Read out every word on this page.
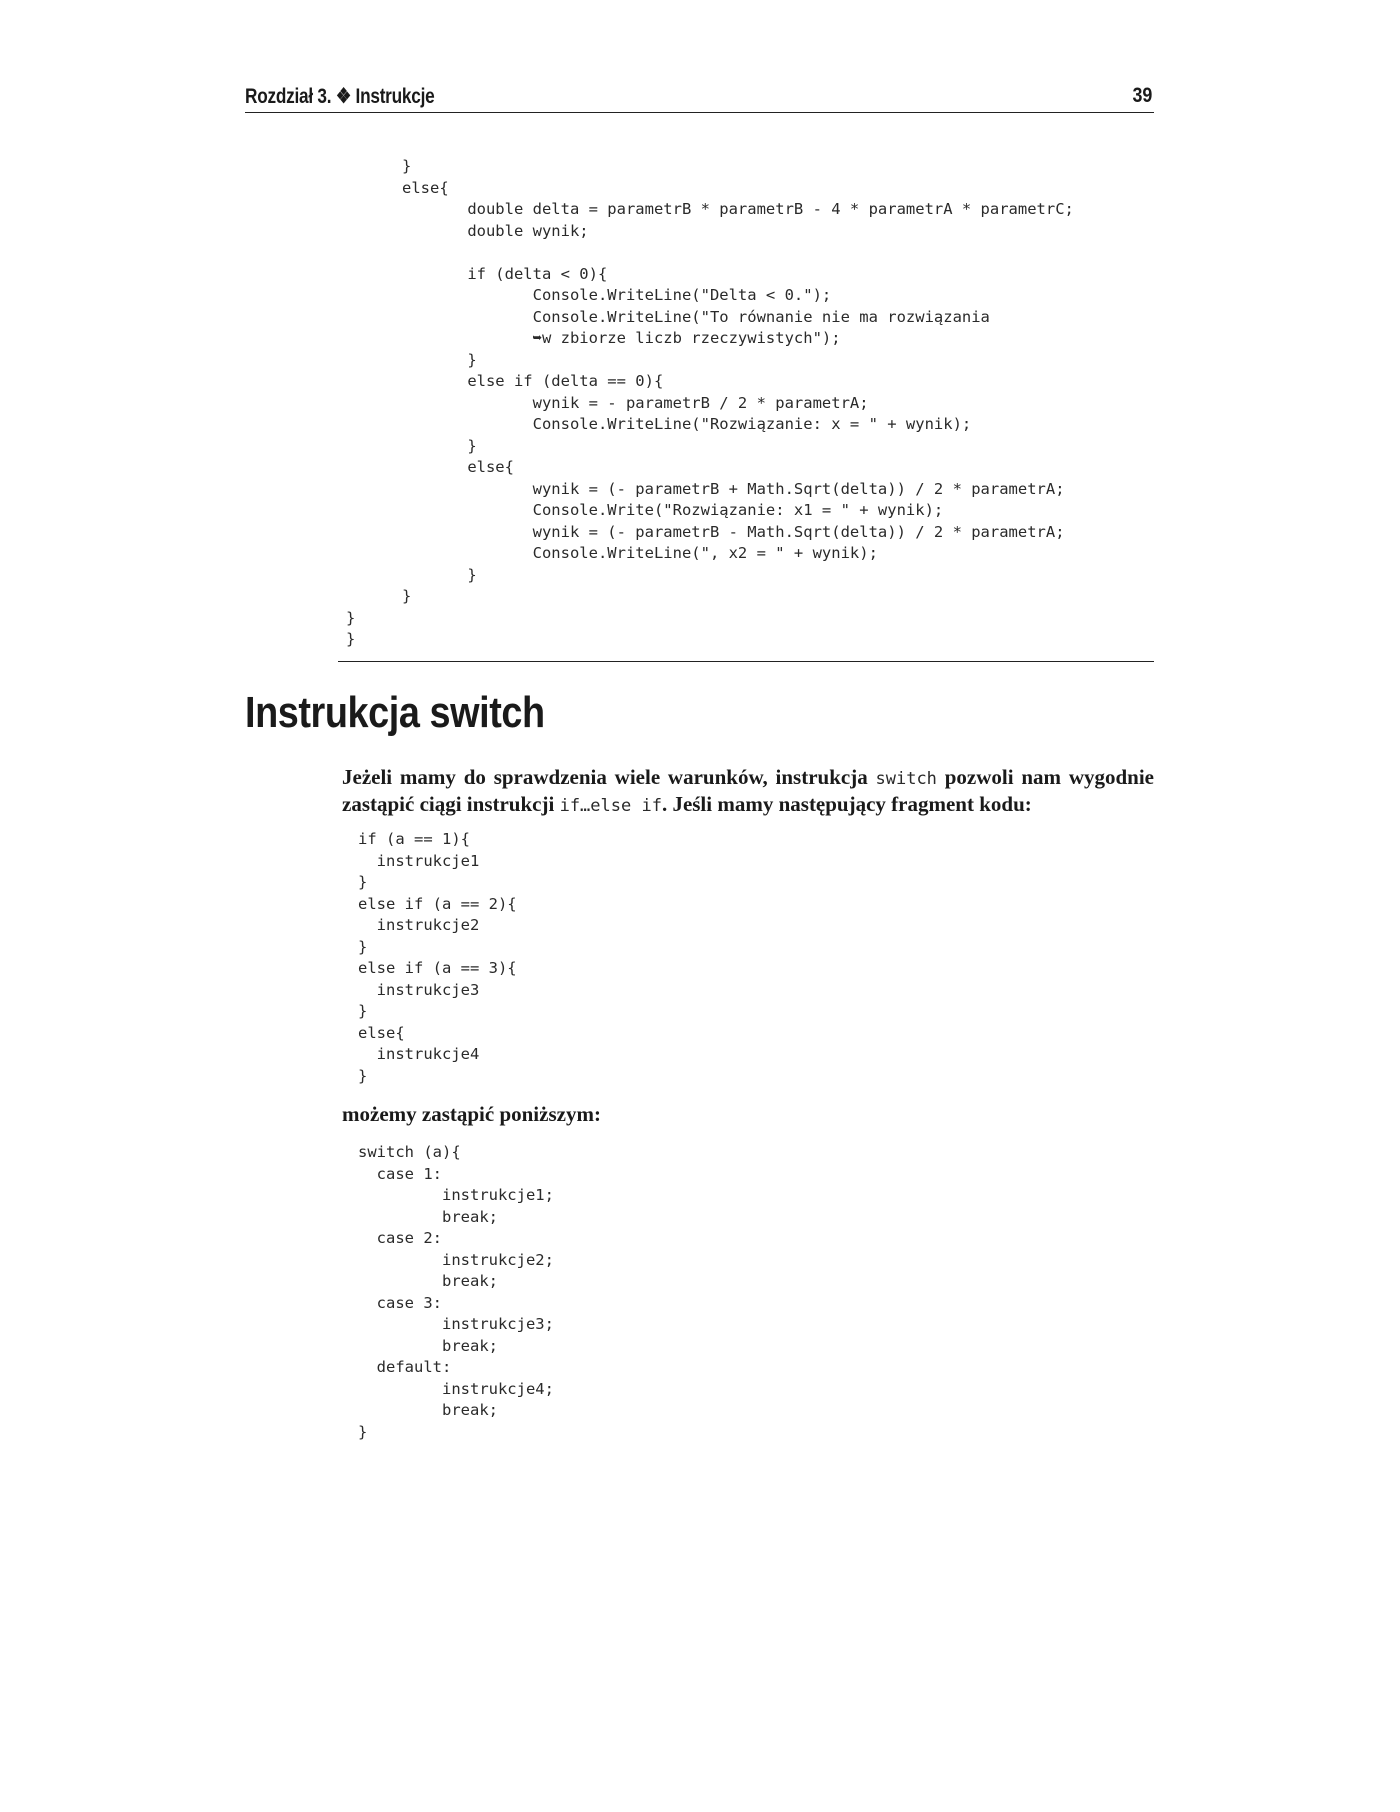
Rozdział 3. ❖ Instrukcje	39
}
else{
double delta = parametrB * parametrB - 4 * parametrA * parametrC;
double wynik;

if (delta < 0){
Console.WriteLine("Delta < 0.");
Console.WriteLine("To równanie nie ma rozwiązania
➥w zbiorze liczb rzeczywistych");
}
else if (delta == 0){
wynik = - parametrB / 2 * parametrA;
Console.WriteLine("Rozwiązanie: x = " + wynik);
}
else{
wynik = (- parametrB + Math.Sqrt(delta)) / 2 * parametrA;
Console.Write("Rozwiązanie: x1 = " + wynik);
wynik = (- parametrB - Math.Sqrt(delta)) / 2 * parametrA;
Console.WriteLine(", x2 = " + wynik);
}
}
}
}
Instrukcja switch

Jeżeli mamy do sprawdzenia wiele warunków, instrukcja switch pozwoli nam wygodnie zastąpić ciągi instrukcji if…else if. Jeśli mamy następujący fragment kodu:

if (a == 1){
instrukcje1
}
else if (a == 2){
instrukcje2
}
else if (a == 3){
instrukcje3
}
else{
instrukcje4
}

możemy zastąpić poniższym:

switch (a){
case 1:
instrukcje1;
break;
case 2:
instrukcje2;
break;
case 3:
instrukcje3;
break;
default:
instrukcje4;
break;
}
